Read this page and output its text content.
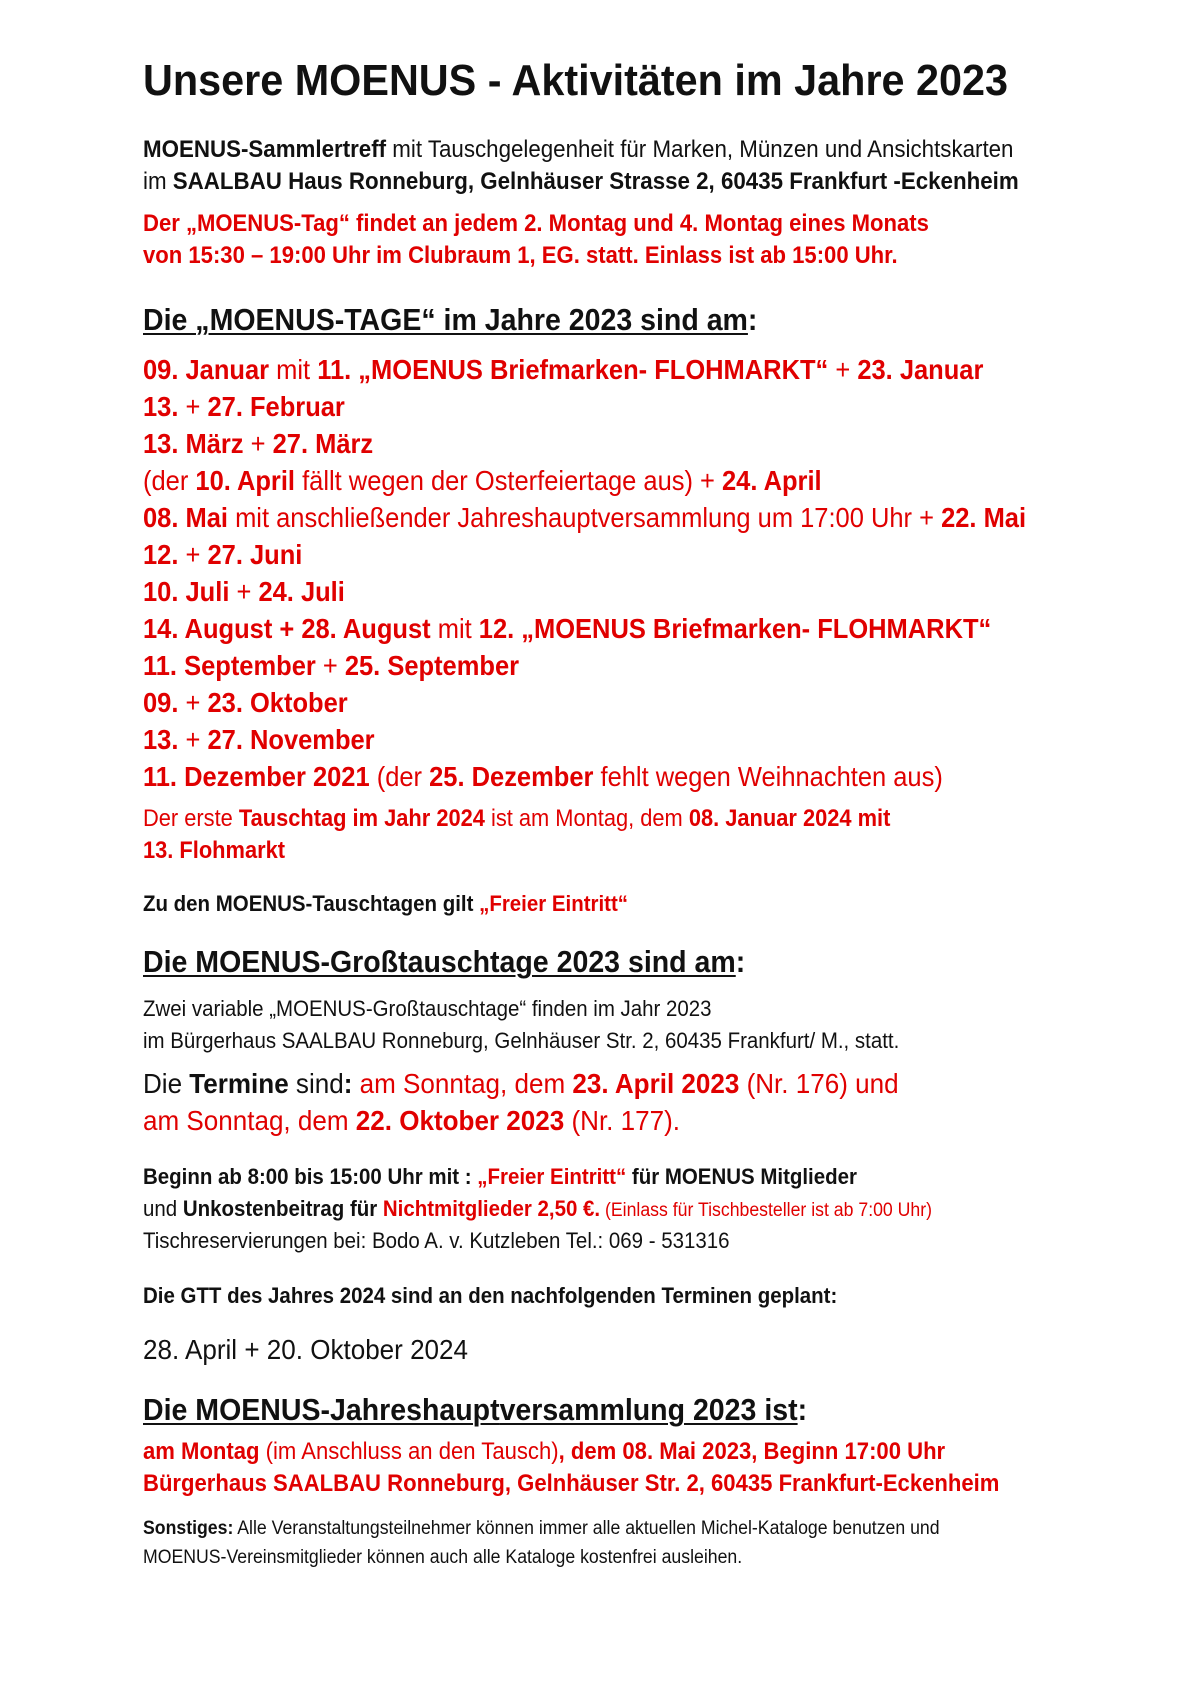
Unsere MOENUS - Aktivitäten im Jahre 2023
MOENUS-Sammlertreff mit Tauschgelegenheit für Marken, Münzen und Ansichtskarten
im SAALBAU Haus Ronneburg, Gelnhäuser Strasse 2, 60435 Frankfurt -Eckenheim
Der „MOENUS-Tag“ findet an jedem 2. Montag und 4. Montag eines Monats
von 15:30 – 19:00 Uhr im Clubraum 1, EG. statt. Einlass ist ab 15:00 Uhr.
Die „MOENUS-TAGE“ im Jahre 2023 sind am:
09. Januar mit 11. „MOENUS Briefmarken- FLOHMARKT“ + 23. Januar
13. + 27. Februar
13. März + 27. März
(der 10. April fällt wegen der Osterfeiertage aus) + 24. April
08. Mai mit anschließender Jahreshauptversammlung um 17:00 Uhr + 22. Mai
12. + 27. Juni
10. Juli + 24. Juli
14. August + 28. August mit 12. „MOENUS Briefmarken- FLOHMARKT“
11. September + 25. September
09. + 23. Oktober
13. + 27. November
11. Dezember 2021 (der 25. Dezember fehlt wegen Weihnachten aus)
Der erste Tauschtag im Jahr 2024 ist am Montag, dem 08. Januar 2024 mit
13. Flohmarkt
Zu den MOENUS-Tauschtagen gilt „Freier Eintritt“
Die MOENUS-Großtauschtage 2023 sind am:
Zwei variable „MOENUS-Großtauschtage“ finden im Jahr 2023
im Bürgerhaus SAALBAU Ronneburg, Gelnhäuser Str. 2, 60435 Frankfurt/ M., statt.
Die Termine sind: am Sonntag, dem 23. April 2023 (Nr. 176) und
am Sonntag, dem 22. Oktober 2023 (Nr. 177).
Beginn ab 8:00 bis 15:00 Uhr mit : „Freier Eintritt“ für MOENUS Mitglieder
und Unkostenbeitrag für Nichtmitglieder 2,50 €. (Einlass für Tischbesteller ist ab 7:00 Uhr)
Tischreservierungen bei: Bodo A. v. Kutzleben Tel.: 069 - 531316
Die GTT des Jahres 2024 sind an den nachfolgenden Terminen geplant:
28. April + 20. Oktober 2024
Die MOENUS-Jahreshauptversammlung 2023 ist:
am Montag (im Anschluss an den Tausch), dem 08. Mai 2023, Beginn 17:00 Uhr
Bürgerhaus SAALBAU Ronneburg, Gelnhäuser Str. 2, 60435 Frankfurt-Eckenheim
Sonstiges: Alle Veranstaltungsteilnehmer können immer alle aktuellen Michel-Kataloge benutzen und
MOENUS-Vereinsmitglieder können auch alle Kataloge kostenfrei ausleihen.
